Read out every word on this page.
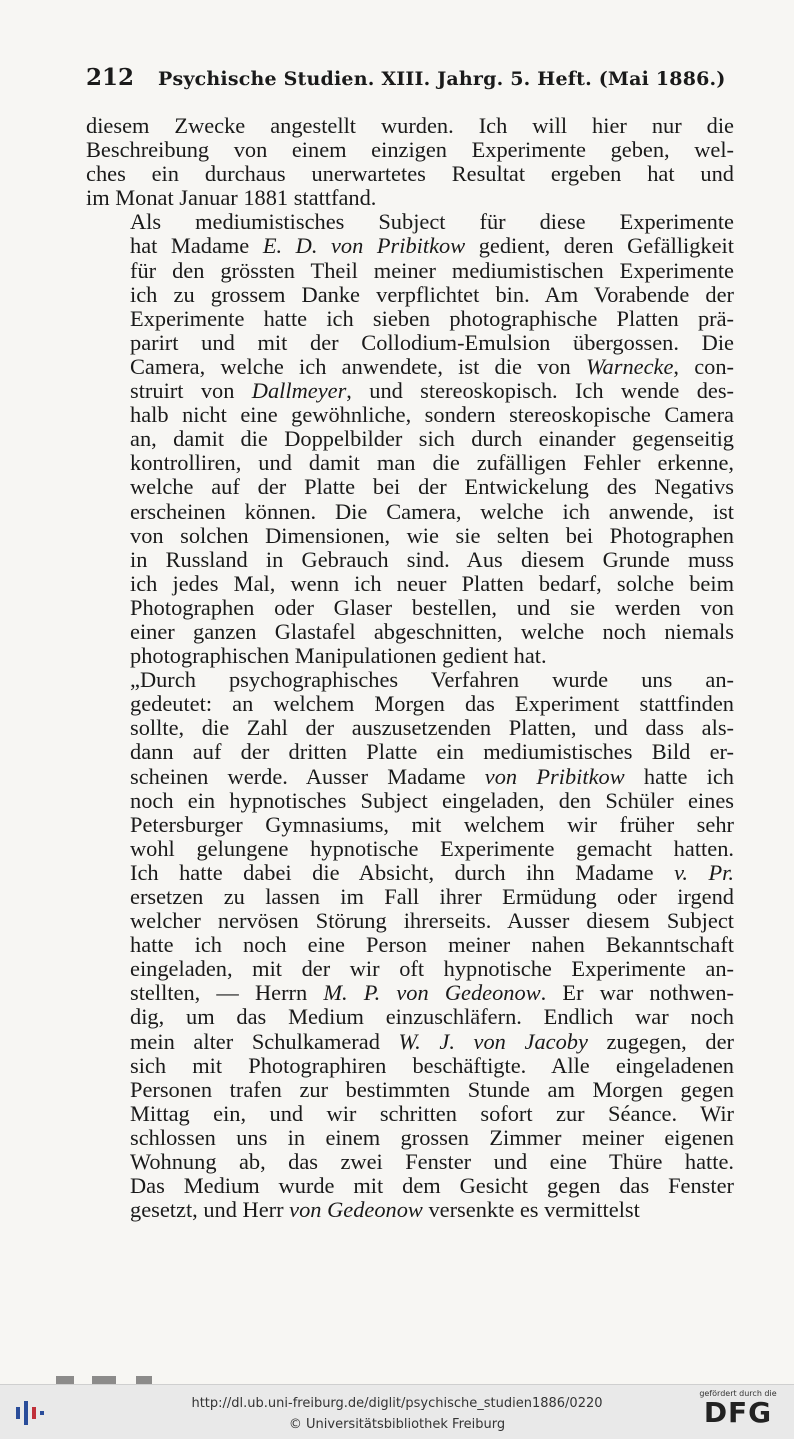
212 Psychische Studien. XIII. Jahrg. 5. Heft. (Mai 1886.)

diesem Zwecke angestellt wurden. Ich will hier nur die
Beschreibung von einem einzigen Experimente geben, wel-
ches ein durchaus unerwartetes Resultat ergeben hat und
im Monat Januar 1881 stattfand.

Als mediumistisches Subject für diese Experimente
hat Madame E. D. von Pribitkow gedient, deren Gefälligkeit
für den grössten Theil meiner mediumistischen Experimente
ich zu grossem Danke verpflichtet bin. Am Vorabende der
Experimente hatte ich sieben photographische Platten prä-
parirt und mit der Collodium-Emulsion übergossen. Die
Camera, welche ich anwendete, ist die von Warnecke, con-
struirt von Dallmeyer, und stereoskopisch. Ich wende des-
halb nicht eine gewöhnliche, sondern stereoskopische Camera
an, damit die Doppelbilder sich durch einander gegenseitig
kontrolliren, und damit man die zufälligen Fehler erkenne,
welche auf der Platte bei der Entwickelung des Negativs
erscheinen können. Die Camera, welche ich anwende, ist
von solchen Dimensionen, wie sie selten bei Photographen
in Russland in Gebrauch sind. Aus diesem Grunde muss
ich jedes Mal, wenn ich neuer Platten bedarf, solche beim
Photographen oder Glaser bestellen, und sie werden von
einer ganzen Glastafel abgeschnitten, welche noch niemals
photographischen Manipulationen gedient hat.

„Durch psychographisches Verfahren wurde uns an-
gedeutet: an welchem Morgen das Experiment stattfinden
sollte, die Zahl der auszusetzenden Platten, und dass als-
dann auf der dritten Platte ein mediumistisches Bild er-
scheinen werde. Ausser Madame von Pribitkow hatte ich
noch ein hypnotisches Subject eingeladen, den Schüler eines
Petersburger Gymnasiums, mit welchem wir früher sehr
wohl gelungene hypnotische Experimente gemacht hatten.
Ich hatte dabei die Absicht, durch ihn Madame v. Pr.
ersetzen zu lassen im Fall ihrer Ermüdung oder irgend
welcher nervösen Störung ihrerseits. Ausser diesem Subject
hatte ich noch eine Person meiner nahen Bekanntschaft
eingeladen, mit der wir oft hypnotische Experimente an-
stellten, — Herrn M. P. von Gedeonow. Er war nothwen-
dig, um das Medium einzuschläfern. Endlich war noch
mein alter Schulkamerad W. J. von Jacoby zugegen, der
sich mit Photographiren beschäftigte. Alle eingeladenen
Personen trafen zur bestimmten Stunde am Morgen gegen
Mittag ein, und wir schritten sofort zur Séance. Wir
schlossen uns in einem grossen Zimmer meiner eigenen
Wohnung ab, das zwei Fenster und eine Thüre hatte.
Das Medium wurde mit dem Gesicht gegen das Fenster
gesetzt, und Herr von Gedeonow versenkte es vermittelst

http://dl.ub.uni-freiburg.de/diglit/psychische_studien1886/0220
© Universitätsbibliothek Freiburg
gefördert durch die
DFG
